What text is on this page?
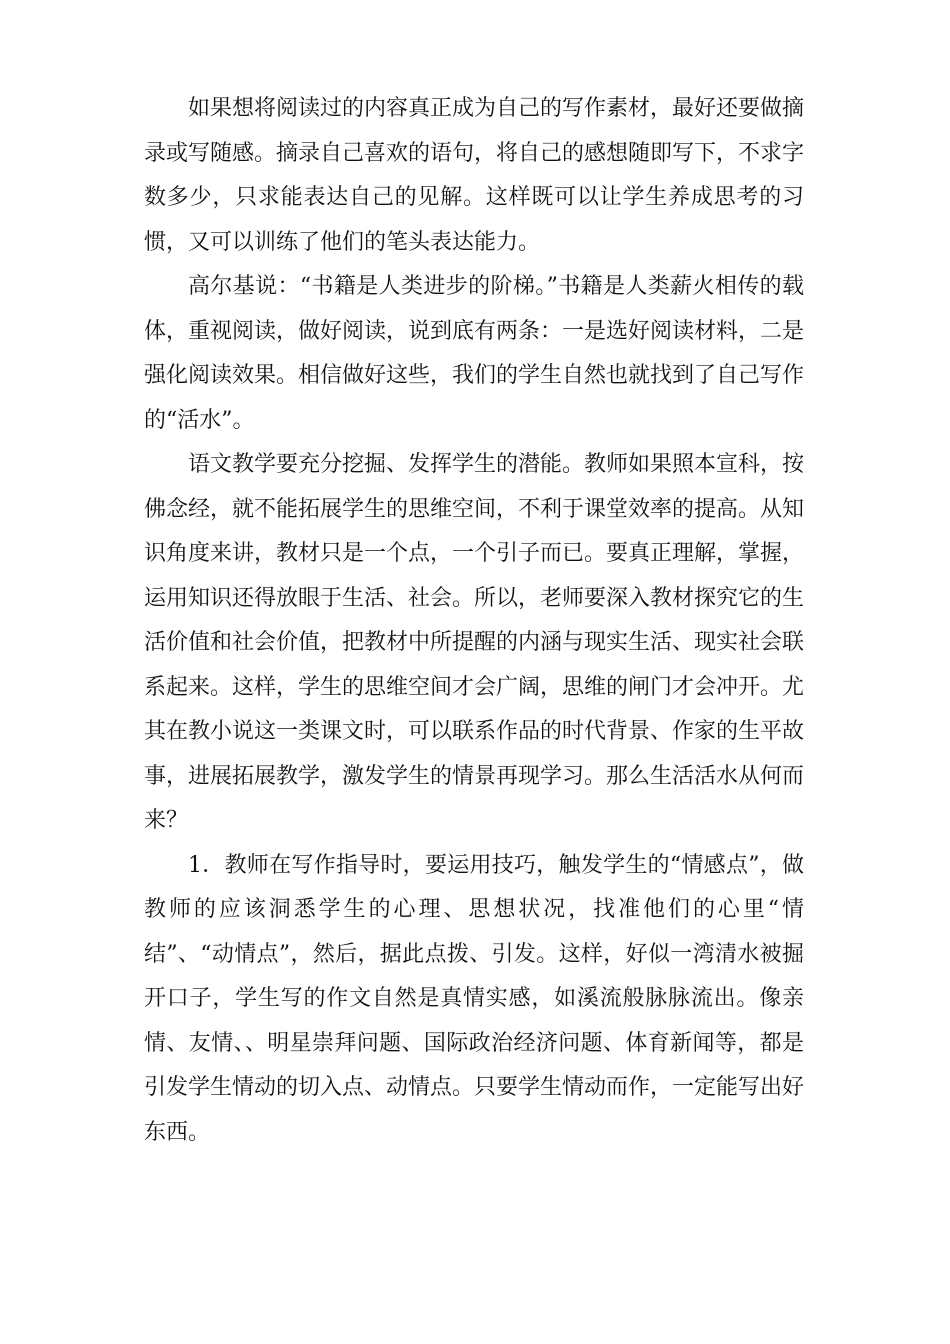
如果想将阅读过的内容真正成为自己的写作素材，最好还要做摘录或写随感。摘录自己喜欢的语句，将自己的感想随即写下，不求字数多少，只求能表达自己的见解。这样既可以让学生养成思考的习惯，又可以训练了他们的笔头表达能力。

高尔基说：“书籍是人类进步的阶梯。”书籍是人类薪火相传的载体，重视阅读，做好阅读，说到底有两条：一是选好阅读材料，二是强化阅读效果。相信做好这些，我们的学生自然也就找到了自己写作的“活水”。

语文教学要充分挖掘、发挥学生的潜能。教师如果照本宣科，按佛念经，就不能拓展学生的思维空间，不利于课堂效率的提高。从知识角度来讲，教材只是一个点，一个引子而已。要真正理解，掌握，运用知识还得放眼于生活、社会。所以，老师要深入教材探究它的生活价值和社会价值，把教材中所提醒的内涵与现实生活、现实社会联系起来。这样，学生的思维空间才会广阔，思维的闸门才会冲开。尤其在教小说这一类课文时，可以联系作品的时代背景、作家的生平故事，进展拓展教学，激发学生的情景再现学习。那么生活活水从何而来？

1．教师在写作指导时，要运用技巧，触发学生的“情感点”，做教师的应该洞悉学生的心理、思想状况，找准他们的心里“情结”、“动情点”，然后，据此点拨、引发。这样，好似一湾清水被掘开口子，学生写的作文自然是真情实感，如溪流般脉脉流出。像亲情、友情、、明星崇拜问题、国际政治经济问题、体育新闻等，都是引发学生情动的切入点、动情点。只要学生情动而作，一定能写出好东西。
